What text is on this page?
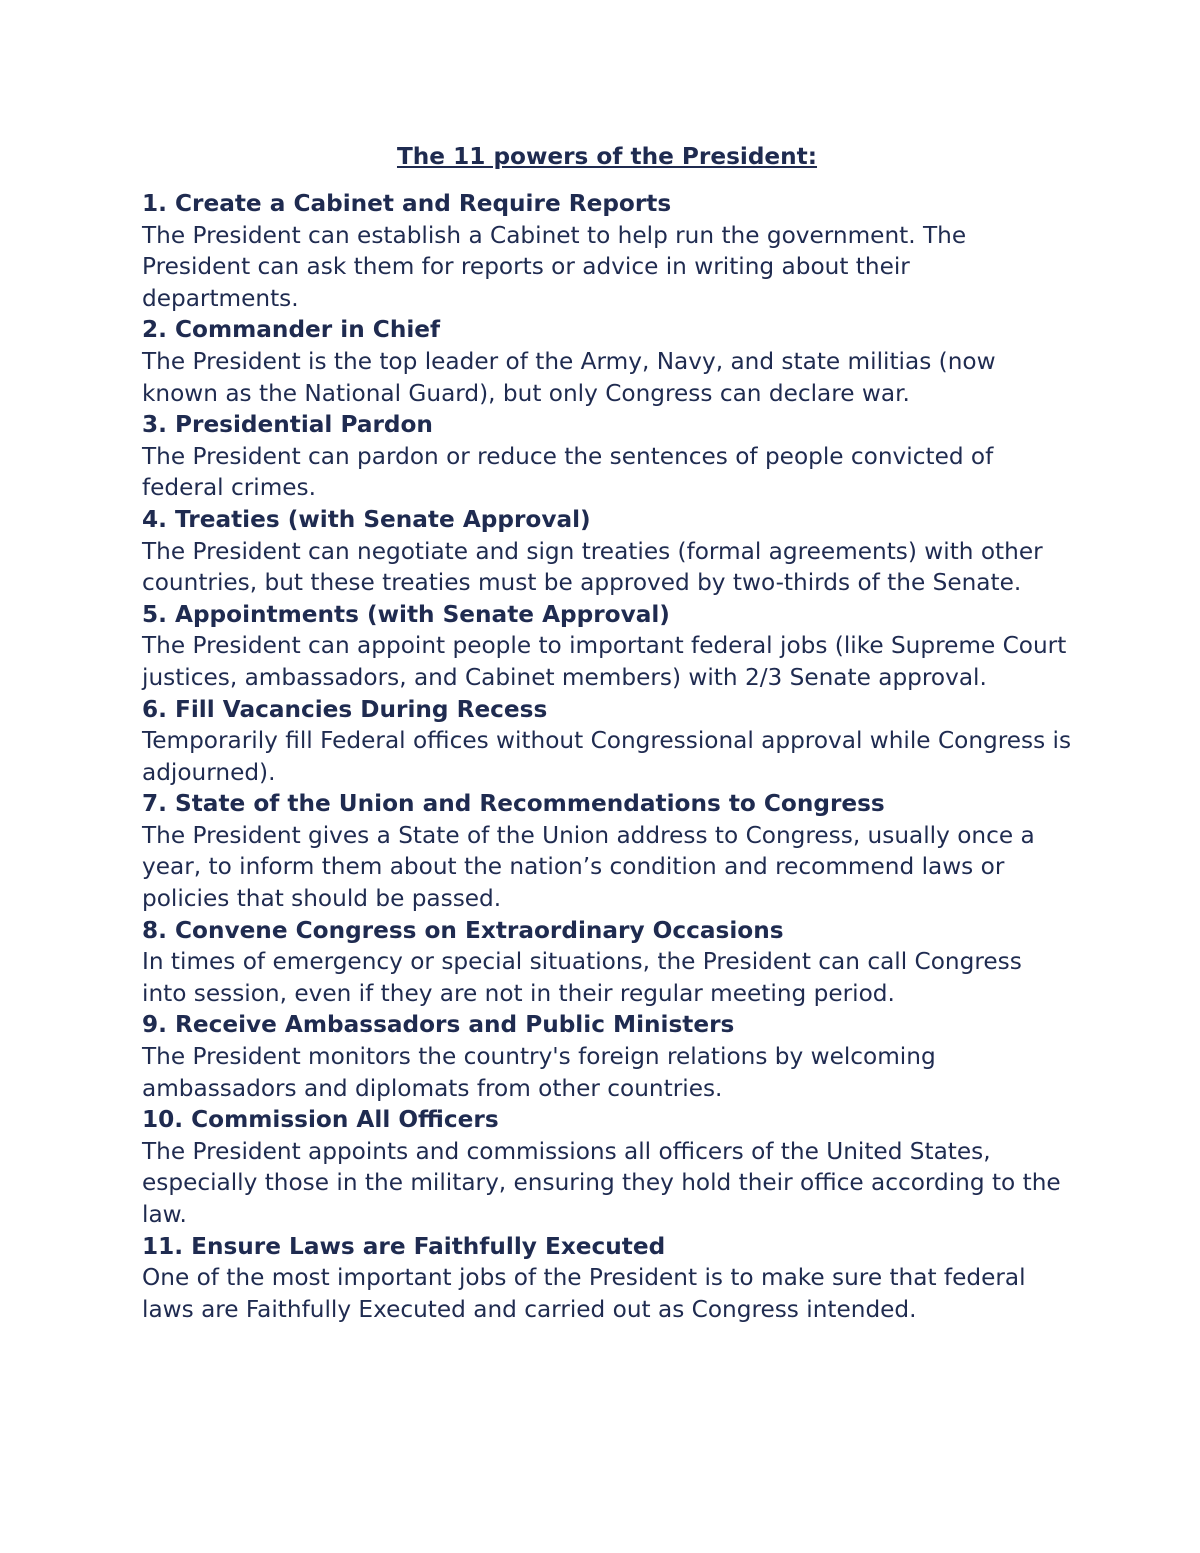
The 11 powers of the President:
1. Create a Cabinet and Require Reports
The President can establish a Cabinet to help run the government. The President can ask them for reports or advice in writing about their departments.
2. Commander in Chief
The President is the top leader of the Army, Navy, and state militias (now known as the National Guard), but only Congress can declare war.
3. Presidential Pardon
The President can pardon or reduce the sentences of people convicted of federal crimes.
4. Treaties (with Senate Approval)
The President can negotiate and sign treaties (formal agreements) with other countries, but these treaties must be approved by two-thirds of the Senate.
5. Appointments (with Senate Approval)
The President can appoint people to important federal jobs (like Supreme Court justices, ambassadors, and Cabinet members) with 2/3 Senate approval.
6. Fill Vacancies During Recess
Temporarily fill Federal offices without Congressional approval while Congress is adjourned).
7. State of the Union and Recommendations to Congress
The President gives a State of the Union address to Congress, usually once a year, to inform them about the nation’s condition and recommend laws or policies that should be passed.
8. Convene Congress on Extraordinary Occasions
In times of emergency or special situations, the President can call Congress into session, even if they are not in their regular meeting period.
9. Receive Ambassadors and Public Ministers
The President monitors the country's foreign relations by welcoming ambassadors and diplomats from other countries.
10. Commission All Officers
The President appoints and commissions all officers of the United States, especially those in the military, ensuring they hold their office according to the law.
11. Ensure Laws are Faithfully Executed
One of the most important jobs of the President is to make sure that federal laws are Faithfully Executed and carried out as Congress intended.
